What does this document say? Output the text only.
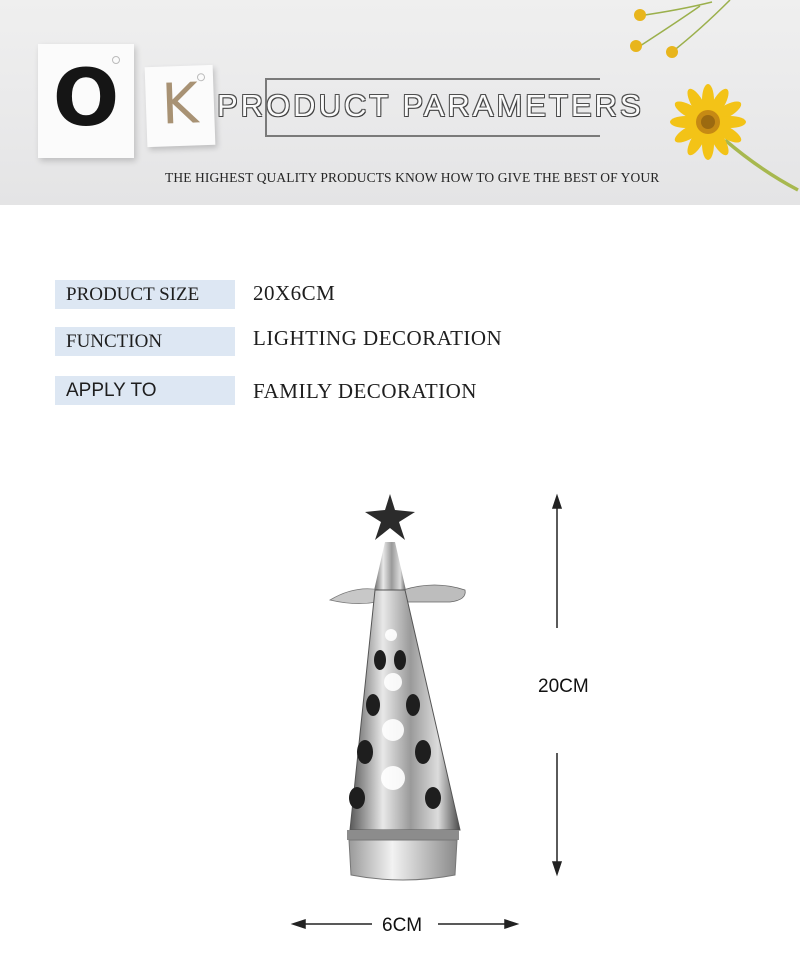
O K PRODUCT PARAMETERS
THE HIGHEST QUALITY PRODUCTS KNOW HOW TO GIVE THE BEST OF YOUR
PRODUCT SIZE	20X6CM
FUNCTION	LIGHTING DECORATION
APPLY TO	FAMILY DECORATION
20CM
6CM
